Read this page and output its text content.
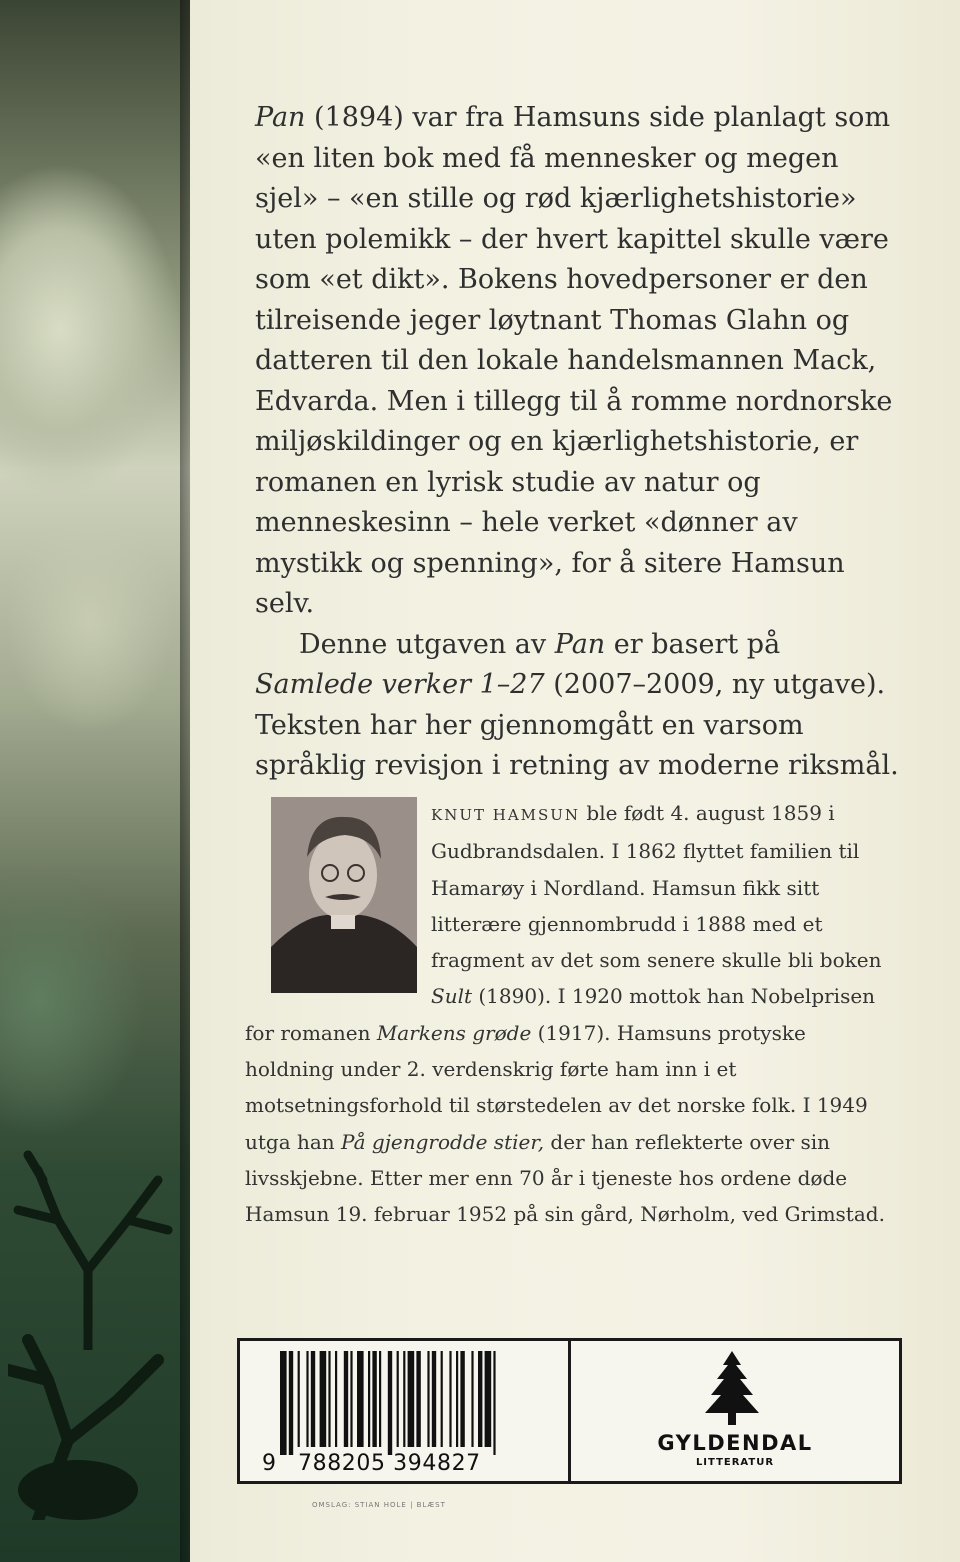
Pan (1894) var fra Hamsuns side planlagt som «en liten bok med få mennesker og megen sjel» – «en stille og rød kjærlighetshistorie» uten polemikk – der hvert kapittel skulle være som «et dikt». Bokens hovedpersoner er den tilreisende jeger løytnant Thomas Glahn og datteren til den lokale handelsmannen Mack, Edvarda. Men i tillegg til å romme nordnorske miljøskildinger og en kjærlighetshistorie, er romanen en lyrisk studie av natur og menneskesinn – hele verket «dønner av mystikk og spenning», for å sitere Hamsun selv.

Denne utgaven av Pan er basert på Samlede verker 1–27 (2007–2009, ny utgave). Teksten har her gjennomgått en varsom språklig revisjon i retning av moderne riksmål.

KNUT HAMSUN ble født 4. august 1859 i Gudbrandsdalen. I 1862 flyttet familien til Hamarøy i Nordland. Hamsun fikk sitt litterære gjennombrudd i 1888 med et fragment av det som senere skulle bli boken Sult (1890). I 1920 mottok han Nobelprisen for romanen Markens grøde (1917). Hamsuns protyske holdning under 2. verdenskrig førte ham inn i et motsetningsforhold til størstedelen av det norske folk. I 1949 utga han På gjengrodde stier, der han reflekterte over sin livsskjebne. Etter mer enn 70 år i tjeneste hos ordene døde Hamsun 19. februar 1952 på sin gård, Nørholm, ved Grimstad.

9 788205 394827
GYLDENDAL
LITTERATUR
OMSLAG: STIAN HOLE | BLÆST
